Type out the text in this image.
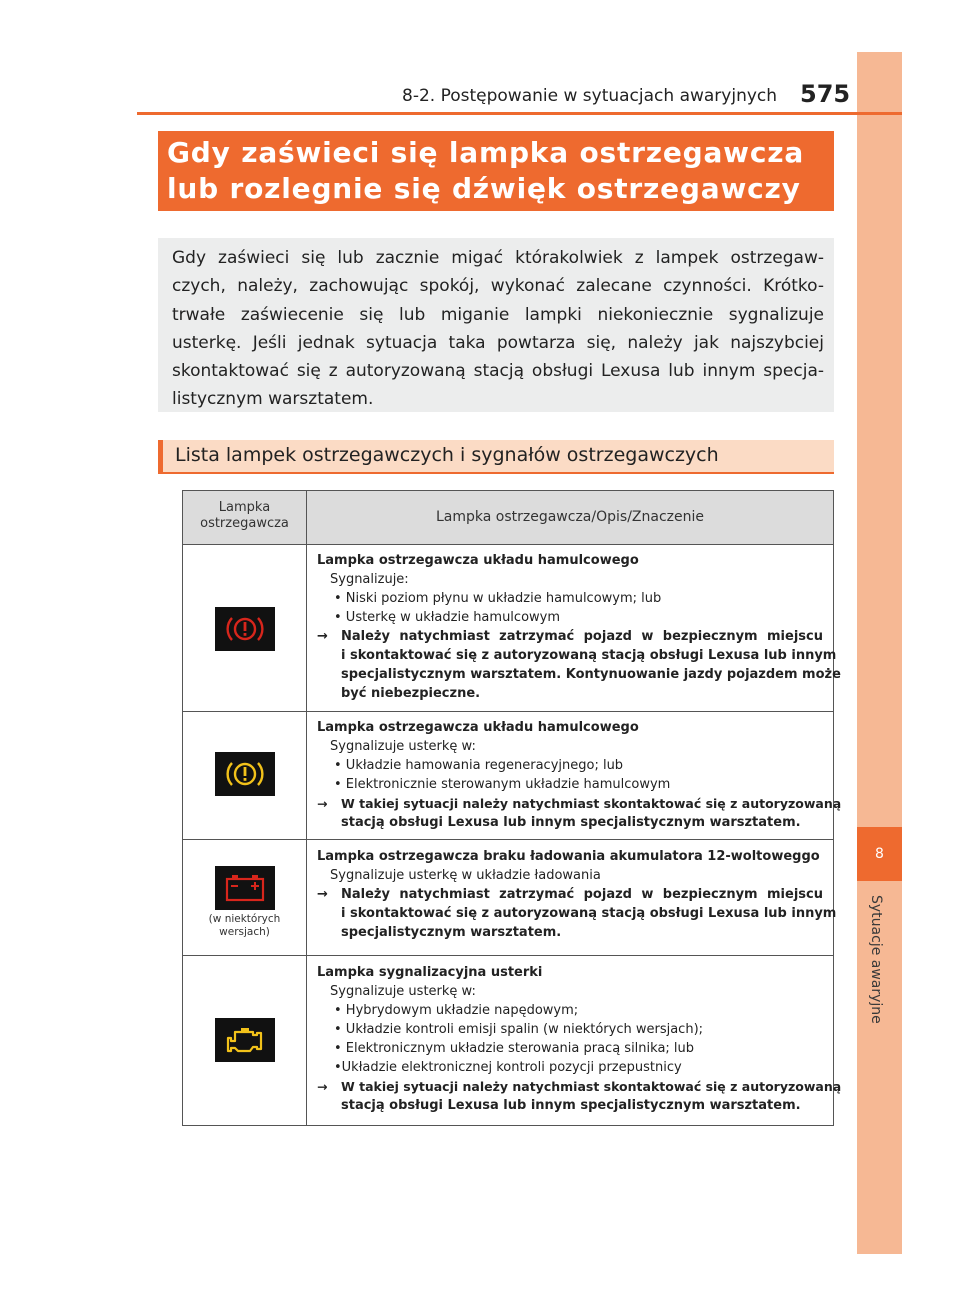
8
Sytuacje awaryjne
8-2. Postępowanie w sytuacjach awaryjnych 575
Gdy zaświeci się lampka ostrzegawcza
lub rozlegnie się dźwięk ostrzegawczy
Gdy zaświeci się lub zacznie migać którakolwiek z lampek ostrzegaw-
czych, należy, zachowując spokój, wykonać zalecane czynności. Krótko-
trwałe zaświecenie się lub miganie lampki niekoniecznie sygnalizuje
usterkę. Jeśli jednak sytuacja taka powtarza się, należy jak najszybciej
skontaktować się z autoryzowaną stacją obsługi Lexusa lub innym specja-
listycznym warsztatem.
Lista lampek ostrzegawczych i sygnałów ostrzegawczych
Lampka
ostrzegawcza	Lampka ostrzegawcza/Opis/Znaczenie
Lampka ostrzegawcza układu hamulcowego
Sygnalizuje:
• Niski poziom płynu w układzie hamulcowym; lub
• Usterkę w układzie hamulcowym
→ Należy natychmiast zatrzymać pojazd w bezpiecznym miejscu
i skontaktować się z autoryzowaną stacją obsługi Lexusa lub innym
specjalistycznym warsztatem. Kontynuowanie jazdy pojazdem może
być niebezpieczne.
Lampka ostrzegawcza układu hamulcowego
Sygnalizuje usterkę w:
• Układzie hamowania regeneracyjnego; lub
• Elektronicznie sterowanym układzie hamulcowym
→ W takiej sytuacji należy natychmiast skontaktować się z autoryzowaną
stacją obsługi Lexusa lub innym specjalistycznym warsztatem.
(w niektórych
wersjach)
Lampka ostrzegawcza braku ładowania akumulatora 12-woltoweggo
Sygnalizuje usterkę w układzie ładowania
→ Należy natychmiast zatrzymać pojazd w bezpiecznym miejscu
i skontaktować się z autoryzowaną stacją obsługi Lexusa lub innym
specjalistycznym warsztatem.
Lampka sygnalizacyjna usterki
Sygnalizuje usterkę w:
• Hybrydowym układzie napędowym;
• Układzie kontroli emisji spalin (w niektórych wersjach);
• Elektronicznym układzie sterowania pracą silnika; lub
•Układzie elektronicznej kontroli pozycji przepustnicy
→ W takiej sytuacji należy natychmiast skontaktować się z autoryzowaną
stacją obsługi Lexusa lub innym specjalistycznym warsztatem.
